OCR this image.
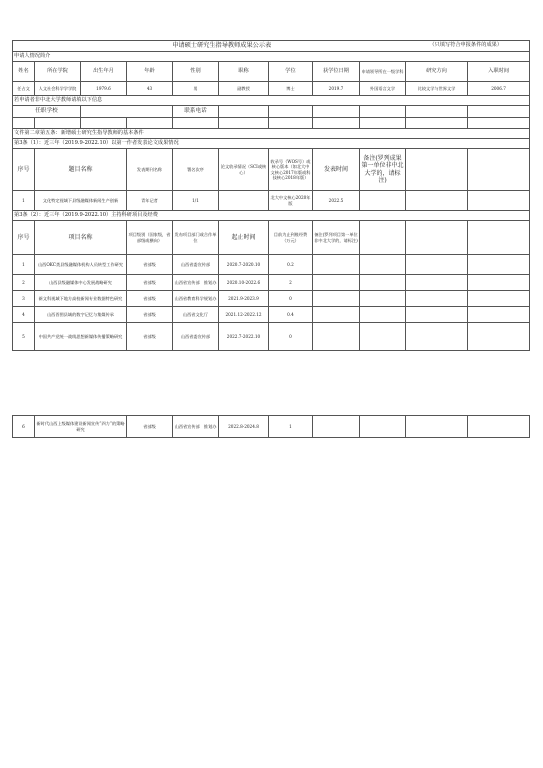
申请硕士研究生指导教师成果公示表 （只填写符合申报条件的成果）										

申请人情况简介										
姓名	所在学院	出生年月	年龄	性别	职称	学位	获学位日期	申请领导所在一级学科	研究方向	入职时间
任占文	人文社会科学学学院	1979.6	43	男	副教授	博士	2019.7	外国语言文学	比较文学与世界文学	2006.7
若申请者非中北大学教师请填以下信息										
任职学校				联系电话						

文件第二章第五条：新增硕士研究生指导教师的基本条件										
第3条（1）：近三年（2019.9-2022.10）以第一作者发表论文成果情况										
序号	题目名称		发表期刊名称	署名次序	论文收录情况（SCI或核心）	收录号（WOS号）或核心版本（如北大中文核心2017年版或科技核心2018年版）	发表时间	备注(罗列成果第一单位非中北大学的，请标注)		
1	文化特定视域下县级融媒体新闻生产创新		青年记者	1/1		北大中文核心2020年版	2022.5			
第3条（2）：近三年（2019.9-2022.10）主持科研项目及经费										
序号	项目名称		项目级别（国家级，省部级或横向）	发布项目部门或合作单位	起止时间	目前为止到账经费（万元）	备注(罗列项目第一单位非中北大学的，请标注)			
1	山西OKC类县级融媒体机构人员转型工作研究		省部级	山西省委宣传部	2020.7-2020.10	0.2				
2	山西县级融媒体中心发展战略研究		省部级	山西省宣传部　推划办	2020.10-2022.6	2				
3	新文科视域下地方高校新闻专业数据特色研究		省部级	山西省教育科学规划办	2021.9-2023.9	0				
4	山西晋图县域的数字记忆与集媒传承		省部级	山西省文化厅	2021.12-2022.12	0.4				
5	中国共产党统一战线思想新媒体传播策略研究		省部级	山西省委宣传部	2022.7-2022.10	0				
6	新时代山西上级媒体建设新闻宣传“四力”的策略研究	省部级	山西省宣传部　推划办	2022.8-2024.8	1				
